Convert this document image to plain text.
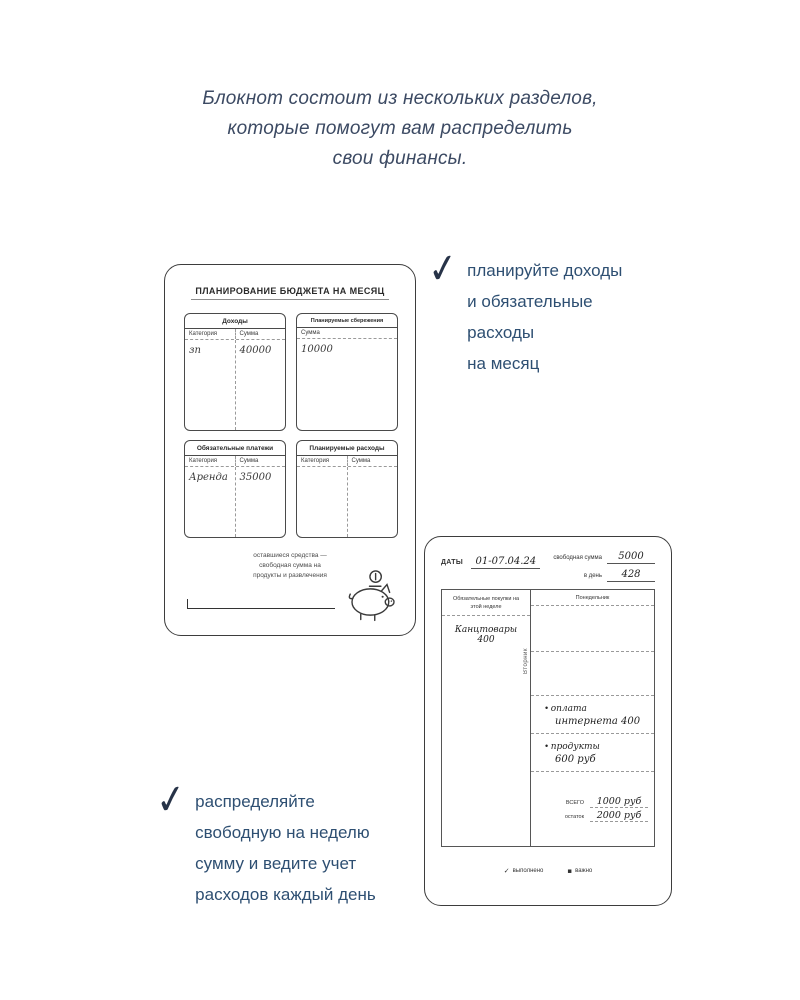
Блокнот состоит из нескольких разделов,
которые помогут вам распределить
свои финансы.
✓ планируйте доходы
и обязательные
расходы
на месяц
✓ распределяйте
свободную на неделю
сумму и ведите учет
расходов каждый день
ПЛАНИРОВАНИЕ БЮДЖЕТА НА МЕСЯЦ
Доходы
Категория	Сумма
зп	40000
Планируемые сбережения
Сумма
10000
Обязательные платежи
Категория	Сумма
Аренда	35000
Планируемые расходы
Категория	Сумма
оставшиеся средства —
свободная сумма на
продукты и развлечения
ДАТЫ 01-07.04.24	свободная сумма	5000
в день	428
Обязательные покупки на этой неделе
Канцтовары 400
Вторник
Понедельник
• оплата
интернета 400
• продукты
600 руб
ВСЕГО	1000 руб
остаток	2000 руб
✓ выполнено	▪ важно
